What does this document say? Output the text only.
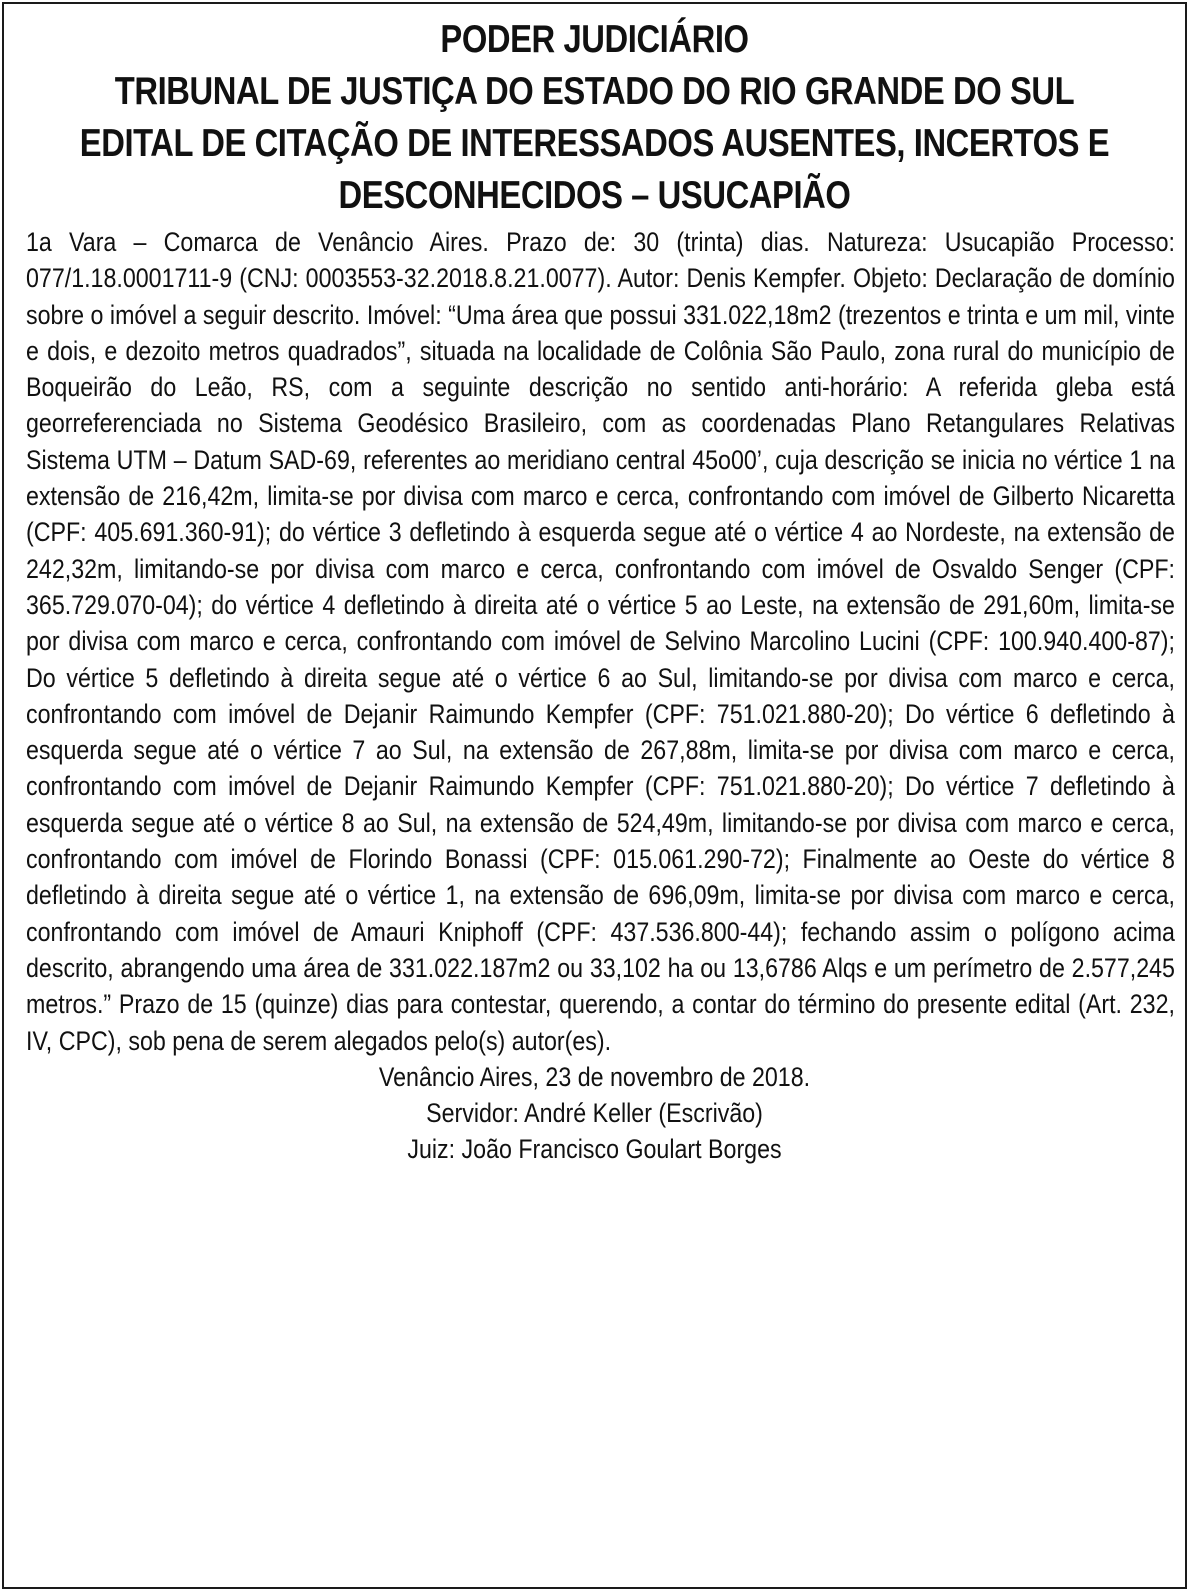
PODER JUDICIÁRIO
TRIBUNAL DE JUSTIÇA DO ESTADO DO RIO GRANDE DO SUL
EDITAL DE CITAÇÃO DE INTERESSADOS AUSENTES, INCERTOS E
DESCONHECIDOS – USUCAPIÃO
1a Vara – Comarca de Venâncio Aires. Prazo de: 30 (trinta) dias. Natureza: Usucapião Processo: 077/1.18.0001711-9 (CNJ: 0003553-32.2018.8.21.0077). Autor: Denis Kempfer. Objeto: Declaração de domínio sobre o imóvel a seguir descrito. Imóvel: “Uma área que possui 331.022,18m2 (trezentos e trinta e um mil, vinte e dois, e dezoito metros quadrados”, situada na localidade de Colônia São Paulo, zona rural do município de Boqueirão do Leão, RS, com a seguinte descrição no sentido anti-horário: A referida gleba está georreferenciada no Sistema Geodésico Brasileiro, com as coordenadas Plano Retangulares Relativas Sistema UTM – Datum SAD-69, referentes ao meridiano central 45o00’, cuja descrição se inicia no vértice 1 na extensão de 216,42m, limita-se por divisa com marco e cerca, confrontando com imóvel de Gilberto Nicaretta (CPF: 405.691.360-91); do vértice 3 defletindo à esquerda segue até o vértice 4 ao Nordeste, na extensão de 242,32m, limitando-se por divisa com marco e cerca, confrontando com imóvel de Osvaldo Senger (CPF: 365.729.070-04); do vértice 4 defletindo à direita até o vértice 5 ao Leste, na extensão de 291,60m, limita-se por divisa com marco e cerca, confrontando com imóvel de Selvino Marcolino Lucini (CPF: 100.940.400-87); Do vértice 5 defletindo à direita segue até o vértice 6 ao Sul, limitando-se por divisa com marco e cerca, confrontando com imóvel de Dejanir Raimundo Kempfer (CPF: 751.021.880-20); Do vértice 6 defletindo à esquerda segue até o vértice 7 ao Sul, na extensão de 267,88m, limita-se por divisa com marco e cerca, confrontando com imóvel de Dejanir Raimundo Kempfer (CPF: 751.021.880-20); Do vértice 7 defletindo à esquerda segue até o vértice 8 ao Sul, na extensão de 524,49m, limitando-se por divisa com marco e cerca, confrontando com imóvel de Florindo Bonassi (CPF: 015.061.290-72); Finalmente ao Oeste do vértice 8 defletindo à direita segue até o vértice 1, na extensão de 696,09m, limita-se por divisa com marco e cerca, confrontando com imóvel de Amauri Kniphoff (CPF: 437.536.800-44); fechando assim o polígono acima descrito, abrangendo uma área de 331.022.187m2 ou 33,102 ha ou 13,6786 Alqs e um perímetro de 2.577,245 metros.” Prazo de 15 (quinze) dias para contestar, querendo, a contar do término do presente edital (Art. 232, IV, CPC), sob pena de serem alegados pelo(s) autor(es).
Venâncio Aires, 23 de novembro de 2018.
Servidor: André Keller (Escrivão)
Juiz: João Francisco Goulart Borges
